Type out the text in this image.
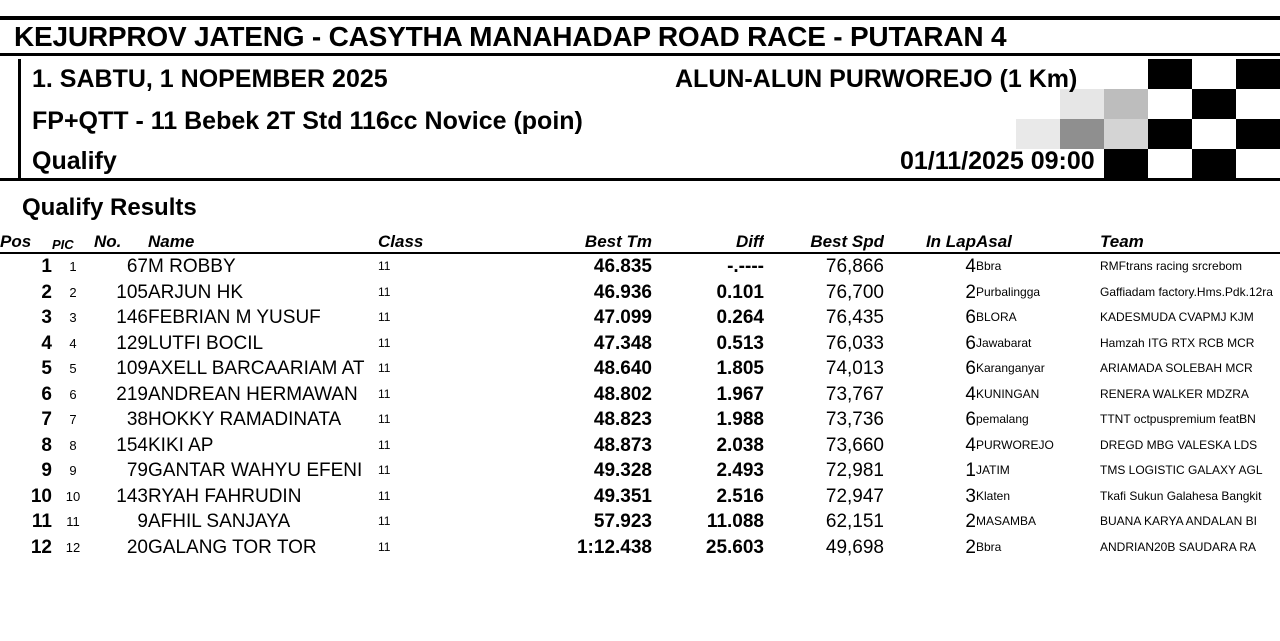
KEJURPROV JATENG - CASYTHA MANAHADAP ROAD RACE - PUTARAN 4
1. SABTU, 1 NOPEMBER 2025	ALUN-ALUN PURWOREJO (1 Km)
FP+QTT - 11 Bebek 2T Std 116cc Novice (poin)
Qualify	01/11/2025 09:00
Qualify Results
Pos	PIC	No.	Name	Class	Best Tm	Diff	Best Spd	In Lap	Asal	Team
1	1	67	M ROBBY	11	46.835	-.----	76,866	4	Bbra	RMFtrans racing srcrebom
2	2	105	ARJUN HK	11	46.936	0.101	76,700	2	Purbalingga	Gaffiadam factory.Hms.Pdk.12ra
3	3	146	FEBRIAN M YUSUF	11	47.099	0.264	76,435	6	BLORA	KADESMUDA CVAPMJ KJM
4	4	129	LUTFI BOCIL	11	47.348	0.513	76,033	6	Jawabarat	Hamzah ITG RTX RCB MCR
5	5	109	AXELL BARCAARIAM AT	11	48.640	1.805	74,013	6	Karanganyar	ARIAMADA SOLEBAH MCR
6	6	219	ANDREAN HERMAWAN	11	48.802	1.967	73,767	4	KUNINGAN	RENERA WALKER MDZRA
7	7	38	HOKKY RAMADINATA	11	48.823	1.988	73,736	6	pemalang	TTNT octpuspremium featBN
8	8	154	KIKI AP	11	48.873	2.038	73,660	4	PURWOREJO	DREGD MBG VALESKA LDS
9	9	79	GANTAR WAHYU EFENI	11	49.328	2.493	72,981	1	JATIM	TMS LOGISTIC GALAXY AGL
10	10	143	RYAH FAHRUDIN	11	49.351	2.516	72,947	3	Klaten	Tkafi Sukun Galahesa Bangkit
11	11	9	AFHIL SANJAYA	11	57.923	11.088	62,151	2	MASAMBA	BUANA KARYA ANDALAN BI
12	12	20	GALANG TOR TOR	11	1:12.438	25.603	49,698	2	Bbra	ANDRIAN20B SAUDARA RA
